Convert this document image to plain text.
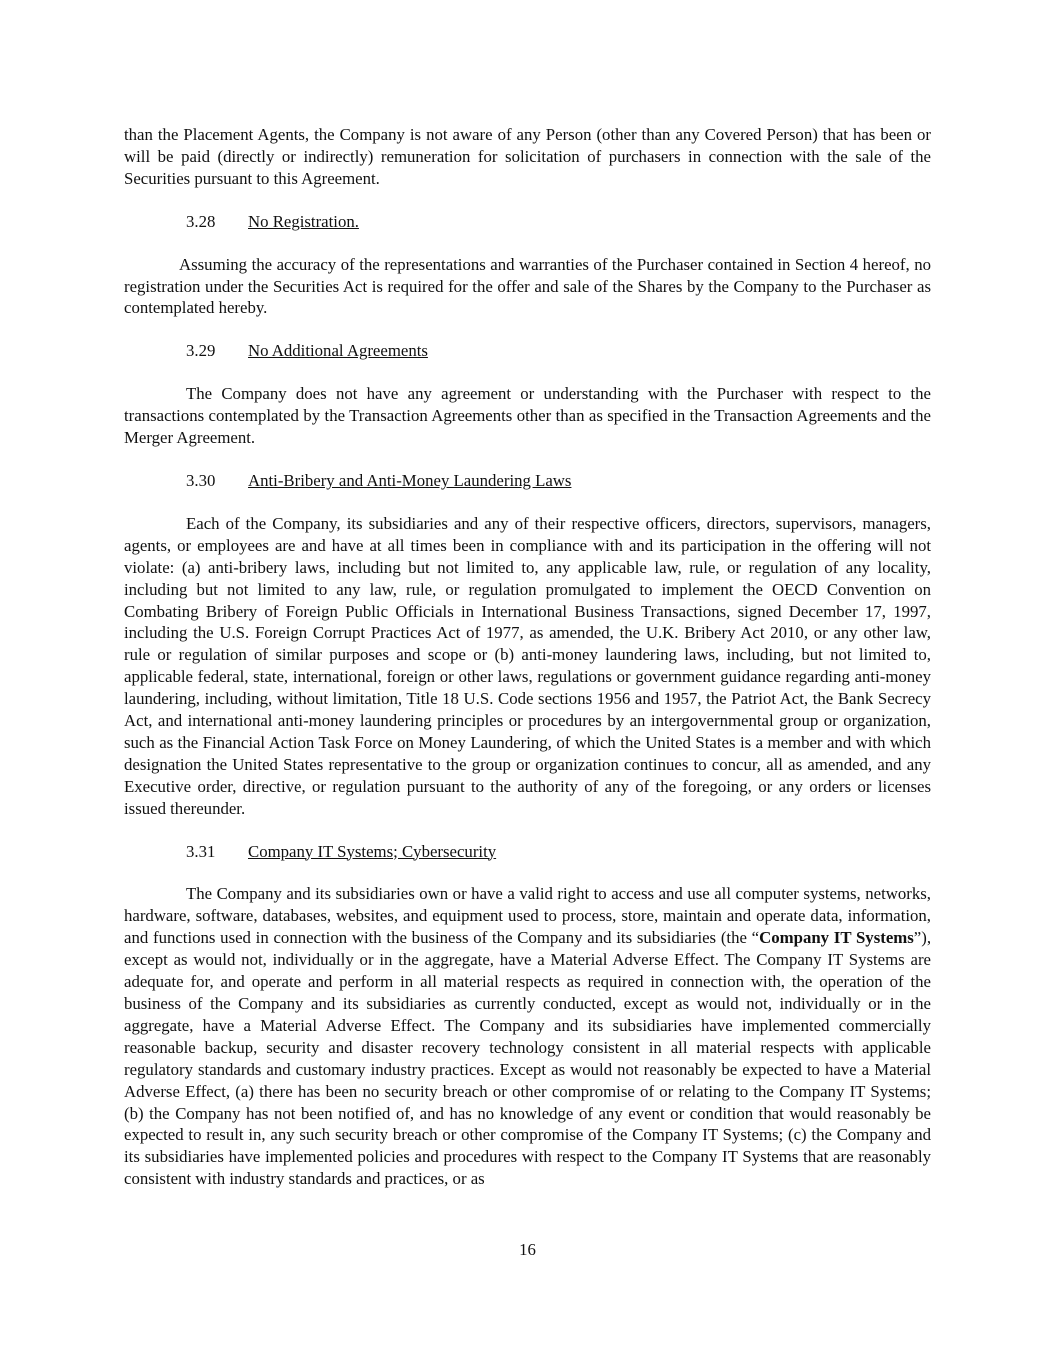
than the Placement Agents, the Company is not aware of any Person (other than any Covered Person) that has been or will be paid (directly or indirectly) remuneration for solicitation of purchasers in connection with the sale of the Securities pursuant to this Agreement.

3.28 No Registration.

Assuming the accuracy of the representations and warranties of the Purchaser contained in Section 4 hereof, no registration under the Securities Act is required for the offer and sale of the Shares by the Company to the Purchaser as contemplated hereby.

3.29 No Additional Agreements

The Company does not have any agreement or understanding with the Purchaser with respect to the transactions contemplated by the Transaction Agreements other than as specified in the Transaction Agreements and the Merger Agreement.

3.30 Anti-Bribery and Anti-Money Laundering Laws

Each of the Company, its subsidiaries and any of their respective officers, directors, supervisors, managers, agents, or employees are and have at all times been in compliance with and its participation in the offering will not violate: (a) anti-bribery laws, including but not limited to, any applicable law, rule, or regulation of any locality, including but not limited to any law, rule, or regulation promulgated to implement the OECD Convention on Combating Bribery of Foreign Public Officials in International Business Transactions, signed December 17, 1997, including the U.S. Foreign Corrupt Practices Act of 1977, as amended, the U.K. Bribery Act 2010, or any other law, rule or regulation of similar purposes and scope or (b) anti-money laundering laws, including, but not limited to, applicable federal, state, international, foreign or other laws, regulations or government guidance regarding anti-money laundering, including, without limitation, Title 18 U.S. Code sections 1956 and 1957, the Patriot Act, the Bank Secrecy Act, and international anti-money laundering principles or procedures by an intergovernmental group or organization, such as the Financial Action Task Force on Money Laundering, of which the United States is a member and with which designation the United States representative to the group or organization continues to concur, all as amended, and any Executive order, directive, or regulation pursuant to the authority of any of the foregoing, or any orders or licenses issued thereunder.

3.31 Company IT Systems; Cybersecurity

The Company and its subsidiaries own or have a valid right to access and use all computer systems, networks, hardware, software, databases, websites, and equipment used to process, store, maintain and operate data, information, and functions used in connection with the business of the Company and its subsidiaries (the “Company IT Systems”), except as would not, individually or in the aggregate, have a Material Adverse Effect. The Company IT Systems are adequate for, and operate and perform in all material respects as required in connection with, the operation of the business of the Company and its subsidiaries as currently conducted, except as would not, individually or in the aggregate, have a Material Adverse Effect. The Company and its subsidiaries have implemented commercially reasonable backup, security and disaster recovery technology consistent in all material respects with applicable regulatory standards and customary industry practices. Except as would not reasonably be expected to have a Material Adverse Effect, (a) there has been no security breach or other compromise of or relating to the Company IT Systems; (b) the Company has not been notified of, and has no knowledge of any event or condition that would reasonably be expected to result in, any such security breach or other compromise of the Company IT Systems; (c) the Company and its subsidiaries have implemented policies and procedures with respect to the Company IT Systems that are reasonably consistent with industry standards and practices, or as

16
